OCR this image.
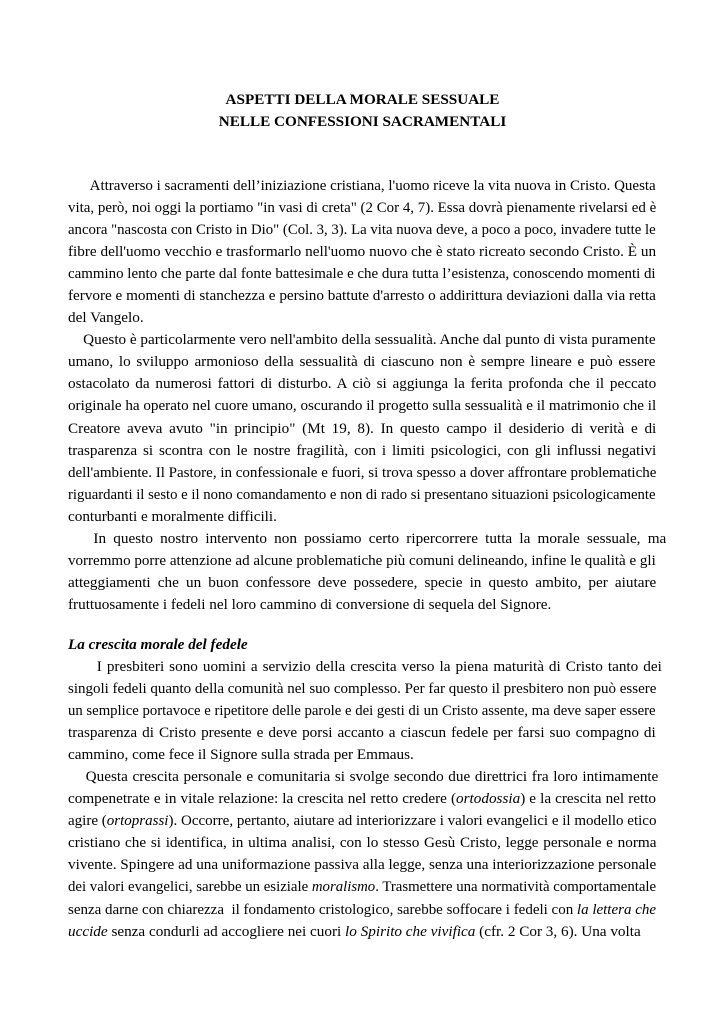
ASPETTI DELLA MORALE SESSUALE
NELLE CONFESSIONI SACRAMENTALI
Attraverso i sacramenti dell’iniziazione cristiana, l'uomo riceve la vita nuova in Cristo. Questa
vita, però, noi oggi la portiamo "in vasi di creta" (2 Cor 4, 7). Essa dovrà pienamente rivelarsi ed è
ancora "nascosta con Cristo in Dio" (Col. 3, 3). La vita nuova deve, a poco a poco, invadere tutte le
fibre dell'uomo vecchio e trasformarlo nell'uomo nuovo che è stato ricreato secondo Cristo. È un
cammino lento che parte dal fonte battesimale e che dura tutta l’esistenza, conoscendo momenti di
fervore e momenti di stanchezza e persino battute d'arresto o addirittura deviazioni dalla via retta
del Vangelo.
Questo è particolarmente vero nell'ambito della sessualità. Anche dal punto di vista puramente
umano, lo sviluppo armonioso della sessualità di ciascuno non è sempre lineare e può essere
ostacolato da numerosi fattori di disturbo. A ciò si aggiunga la ferita profonda che il peccato
originale ha operato nel cuore umano, oscurando il progetto sulla sessualità e il matrimonio che il
Creatore aveva avuto "in principio" (Mt 19, 8). In questo campo il desiderio di verità e di
trasparenza si scontra con le nostre fragilità, con i limiti psicologici, con gli influssi negativi
dell'ambiente. Il Pastore, in confessionale e fuori, si trova spesso a dover affrontare problematiche
riguardanti il sesto e il nono comandamento e non di rado si presentano situazioni psicologicamente
conturbanti e moralmente difficili.
In questo nostro intervento non possiamo certo ripercorrere tutta la morale sessuale, ma
vorremmo porre attenzione ad alcune problematiche più comuni delineando, infine le qualità e gli
atteggiamenti che un buon confessore deve possedere, specie in questo ambito, per aiutare
fruttuosamente i fedeli nel loro cammino di conversione di sequela del Signore.
La crescita morale del fedele
I presbiteri sono uomini a servizio della crescita verso la piena maturità di Cristo tanto dei
singoli fedeli quanto della comunità nel suo complesso. Per far questo il presbitero non può essere
un semplice portavoce e ripetitore delle parole e dei gesti di un Cristo assente, ma deve saper essere
trasparenza di Cristo presente e deve porsi accanto a ciascun fedele per farsi suo compagno di
cammino, come fece il Signore sulla strada per Emmaus.
Questa crescita personale e comunitaria si svolge secondo due direttrici fra loro intimamente
compenetrate e in vitale relazione: la crescita nel retto credere (ortodossia) e la crescita nel retto
agire (ortoprassi). Occorre, pertanto, aiutare ad interiorizzare i valori evangelici e il modello etico
cristiano che si identifica, in ultima analisi, con lo stesso Gesù Cristo, legge personale e norma
vivente. Spingere ad una uniformazione passiva alla legge, senza una interiorizzazione personale
dei valori evangelici, sarebbe un esiziale moralismo. Trasmettere una normatività comportamentale
senza darne con chiarezza  il fondamento cristologico, sarebbe soffocare i fedeli con la lettera che
uccide senza condurli ad accogliere nei cuori lo Spirito che vivifica (cfr. 2 Cor 3, 6). Una volta
